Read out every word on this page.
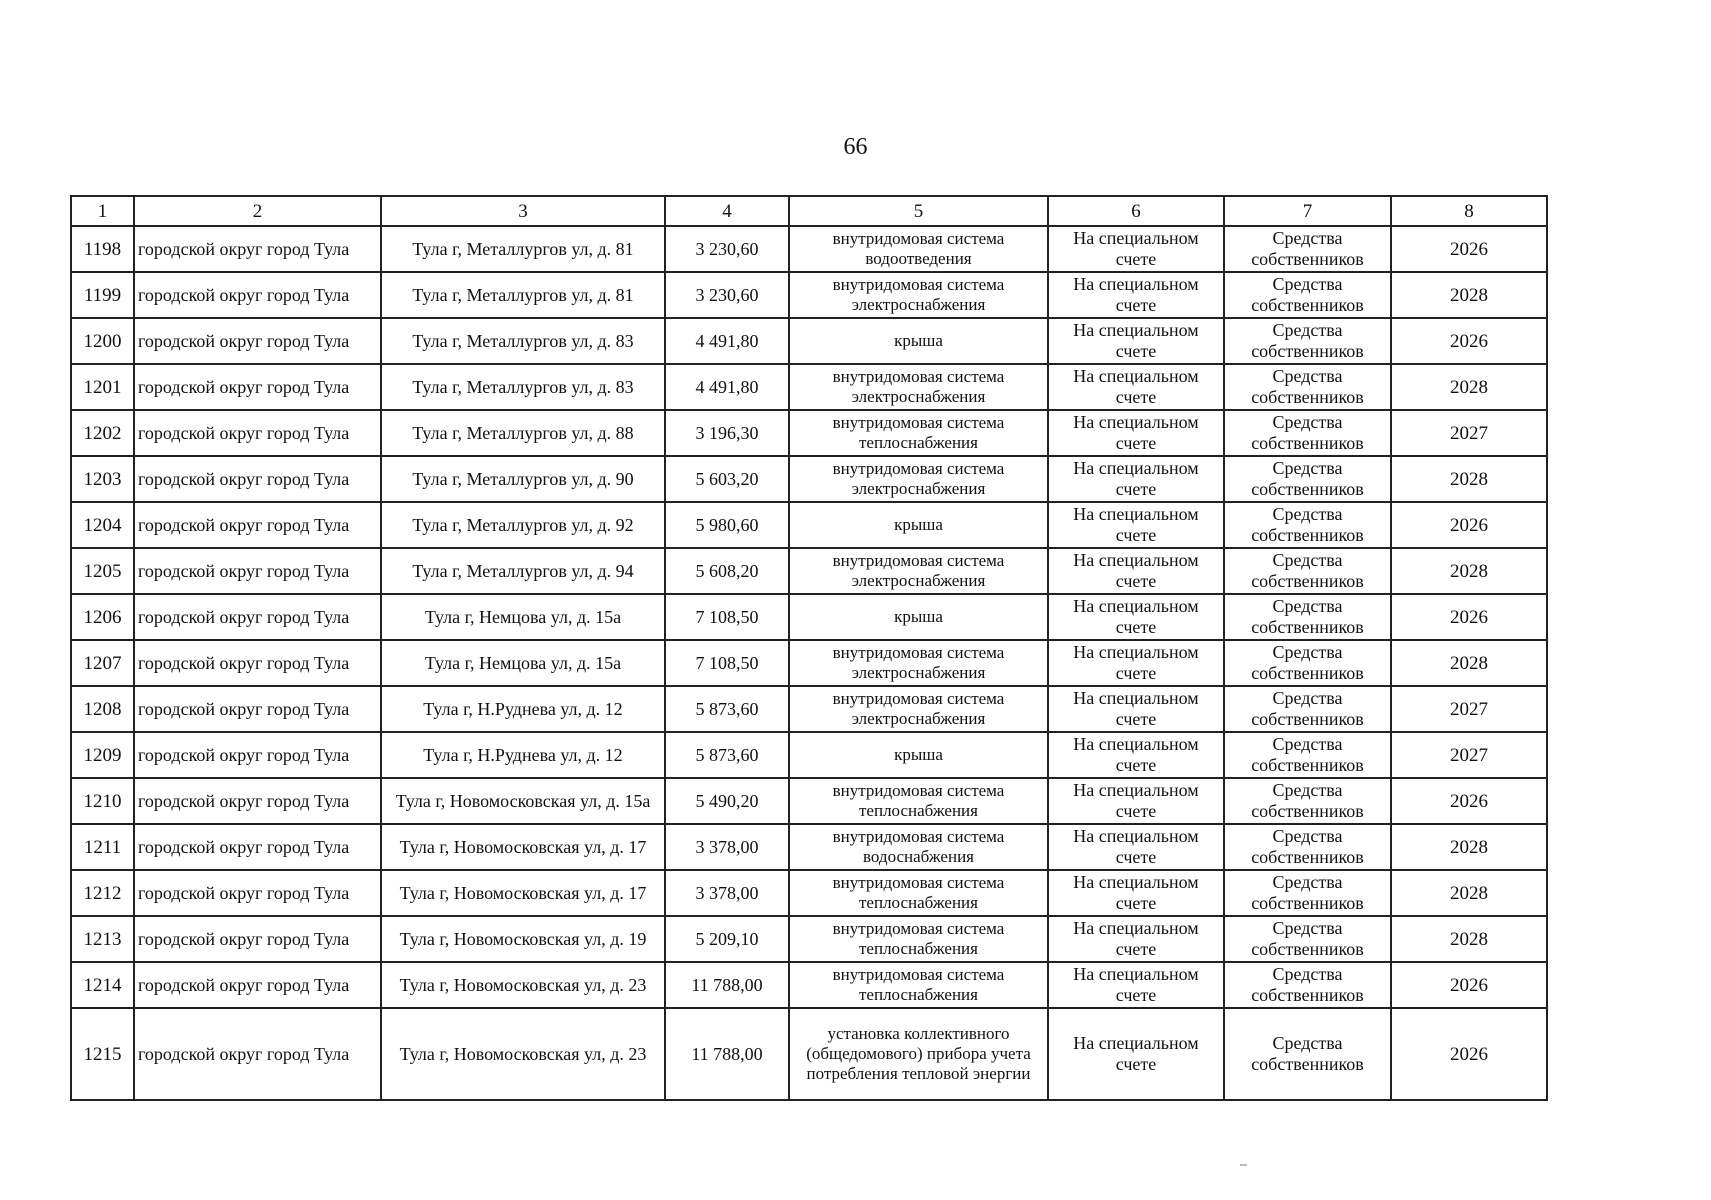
66
1	2	3	4	5	6	7	8
1198	городской округ город Тула	Тула г, Металлургов ул, д. 81	3 230,60	внутридомовая система водоотведения	На специальном счете	Средства собственников	2026
1199	городской округ город Тула	Тула г, Металлургов ул, д. 81	3 230,60	внутридомовая система электроснабжения	На специальном счете	Средства собственников	2028
1200	городской округ город Тула	Тула г, Металлургов ул, д. 83	4 491,80	крыша	На специальном счете	Средства собственников	2026
1201	городской округ город Тула	Тула г, Металлургов ул, д. 83	4 491,80	внутридомовая система электроснабжения	На специальном счете	Средства собственников	2028
1202	городской округ город Тула	Тула г, Металлургов ул, д. 88	3 196,30	внутридомовая система теплоснабжения	На специальном счете	Средства собственников	2027
1203	городской округ город Тула	Тула г, Металлургов ул, д. 90	5 603,20	внутридомовая система электроснабжения	На специальном счете	Средства собственников	2028
1204	городской округ город Тула	Тула г, Металлургов ул, д. 92	5 980,60	крыша	На специальном счете	Средства собственников	2026
1205	городской округ город Тула	Тула г, Металлургов ул, д. 94	5 608,20	внутридомовая система электроснабжения	На специальном счете	Средства собственников	2028
1206	городской округ город Тула	Тула г, Немцова ул, д. 15а	7 108,50	крыша	На специальном счете	Средства собственников	2026
1207	городской округ город Тула	Тула г, Немцова ул, д. 15а	7 108,50	внутридомовая система электроснабжения	На специальном счете	Средства собственников	2028
1208	городской округ город Тула	Тула г, Н.Руднева ул, д. 12	5 873,60	внутридомовая система электроснабжения	На специальном счете	Средства собственников	2027
1209	городской округ город Тула	Тула г, Н.Руднева ул, д. 12	5 873,60	крыша	На специальном счете	Средства собственников	2027
1210	городской округ город Тула	Тула г, Новомосковская ул, д. 15а	5 490,20	внутридомовая система теплоснабжения	На специальном счете	Средства собственников	2026
1211	городской округ город Тула	Тула г, Новомосковская ул, д. 17	3 378,00	внутридомовая система водоснабжения	На специальном счете	Средства собственников	2028
1212	городской округ город Тула	Тула г, Новомосковская ул, д. 17	3 378,00	внутридомовая система теплоснабжения	На специальном счете	Средства собственников	2028
1213	городской округ город Тула	Тула г, Новомосковская ул, д. 19	5 209,10	внутридомовая система теплоснабжения	На специальном счете	Средства собственников	2028
1214	городской округ город Тула	Тула г, Новомосковская ул, д. 23	11 788,00	внутридомовая система теплоснабжения	На специальном счете	Средства собственников	2026
1215	городской округ город Тула	Тула г, Новомосковская ул, д. 23	11 788,00	установка коллективного (общедомового) прибора учета потребления тепловой энергии	На специальном счете	Средства собственников	2026
